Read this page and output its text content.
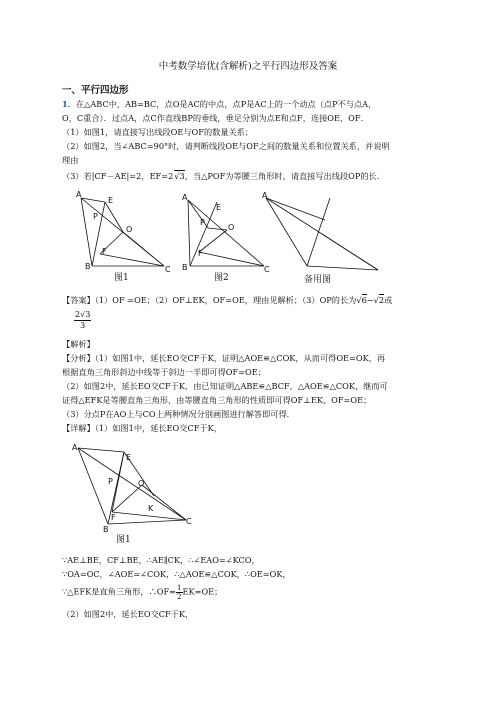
中考数学培优(含解析)之平行四边形及答案
一、平行四边形
1．在△ABC中，AB=BC，点O是AC的中点，点P是AC上的一个动点（点P不与点A，
O，C重合）．过点A，点C作直线BP的垂线，垂足分别为点E和点F，连接OE，OF．
（1）如图1，请直接写出线段OE与OF的数量关系；
（2）如图2，当∠ABC=90°时，请判断线段OE与OF之间的数量关系和位置关系，并说明
理由
（3）若|CF－AE|=2，EF=2√3，当△POF为等腰三角形时，请直接写出线段OP的长．
A
E
P
O
F
B	C
图1
A
E
P
O
F
B	C
图2
A
备用图
【答案】（1）OF =OE；（2）OF⊥EK，OF=OE，理由见解析；（3）OP的长为√6−√2或
$\frac{2√3}{3}$
【解析】
【分析】（1）如图1中，延长EO交CF于K，证明△AOE≌△COK，从而可得OE=OK，再
根据直角三角形斜边中线等于斜边一半即可得OF=OE；
（2）如图2中，延长EO交CF于K，由已知证明△ABE≌△BCF，△AOE≌△COK，继而可
证得△EFK是等腰直角三角形，由等腰直角三角形的性质即可得OF⊥EK，OF=OE；
（3）分点P在AO上与CO上两种情况分别画图进行解答即可得．
【详解】（1）如图1中，延长EO交CF于K，
A
E
P	O
K
F
B
C
图1
∵AE⊥BE，CF⊥BE，∴AE∥CK，∴∠EAO=∠KCO，
∵OA=OC，∠AOE=∠COK，∴△AOE≌△COK，∴OE=OK，
∵△EFK是直角三角形，∴OF= $\frac{1}{2} EK=OE$；
（2）如图2中，延长EO交CF于K，
